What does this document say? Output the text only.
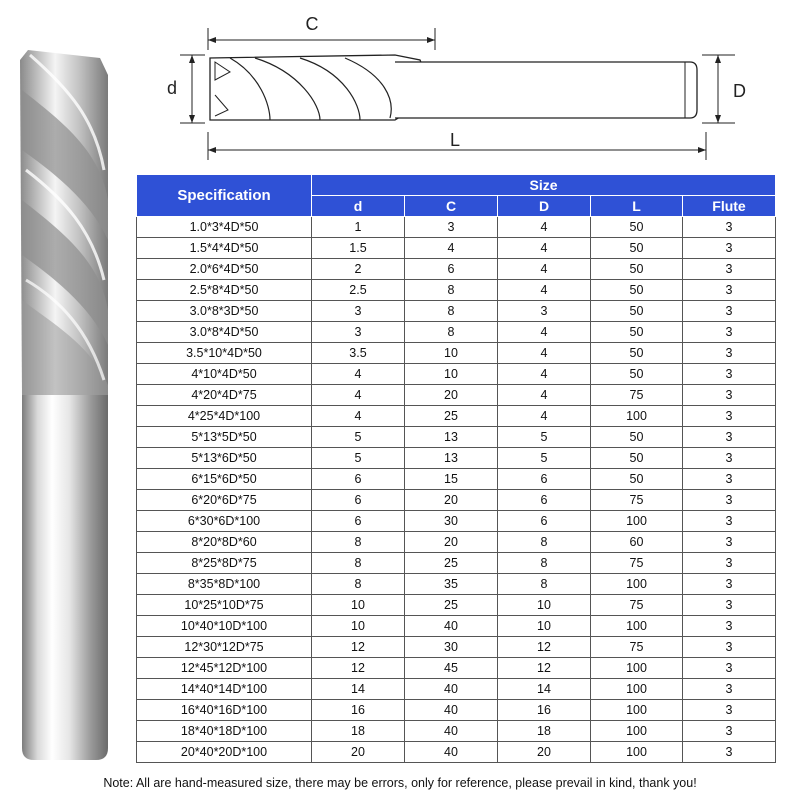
C
d	D
L
Specification	Size				
	d	C	D	L	Flute
1.0*3*4D*50	1	3	4	50	3
1.5*4*4D*50	1.5	4	4	50	3
2.0*6*4D*50	2	6	4	50	3
2.5*8*4D*50	2.5	8	4	50	3
3.0*8*3D*50	3	8	3	50	3
3.0*8*4D*50	3	8	4	50	3
3.5*10*4D*50	3.5	10	4	50	3
4*10*4D*50	4	10	4	50	3
4*20*4D*75	4	20	4	75	3
4*25*4D*100	4	25	4	100	3
5*13*5D*50	5	13	5	50	3
5*13*6D*50	5	13	5	50	3
6*15*6D*50	6	15	6	50	3
6*20*6D*75	6	20	6	75	3
6*30*6D*100	6	30	6	100	3
8*20*8D*60	8	20	8	60	3
8*25*8D*75	8	25	8	75	3
8*35*8D*100	8	35	8	100	3
10*25*10D*75	10	25	10	75	3
10*40*10D*100	10	40	10	100	3
12*30*12D*75	12	30	12	75	3
12*45*12D*100	12	45	12	100	3
14*40*14D*100	14	40	14	100	3
16*40*16D*100	16	40	16	100	3
18*40*18D*100	18	40	18	100	3
20*40*20D*100	20	40	20	100	3
Note: All are hand-measured size, there may be errors, only for reference, please prevail in kind, thank you!
